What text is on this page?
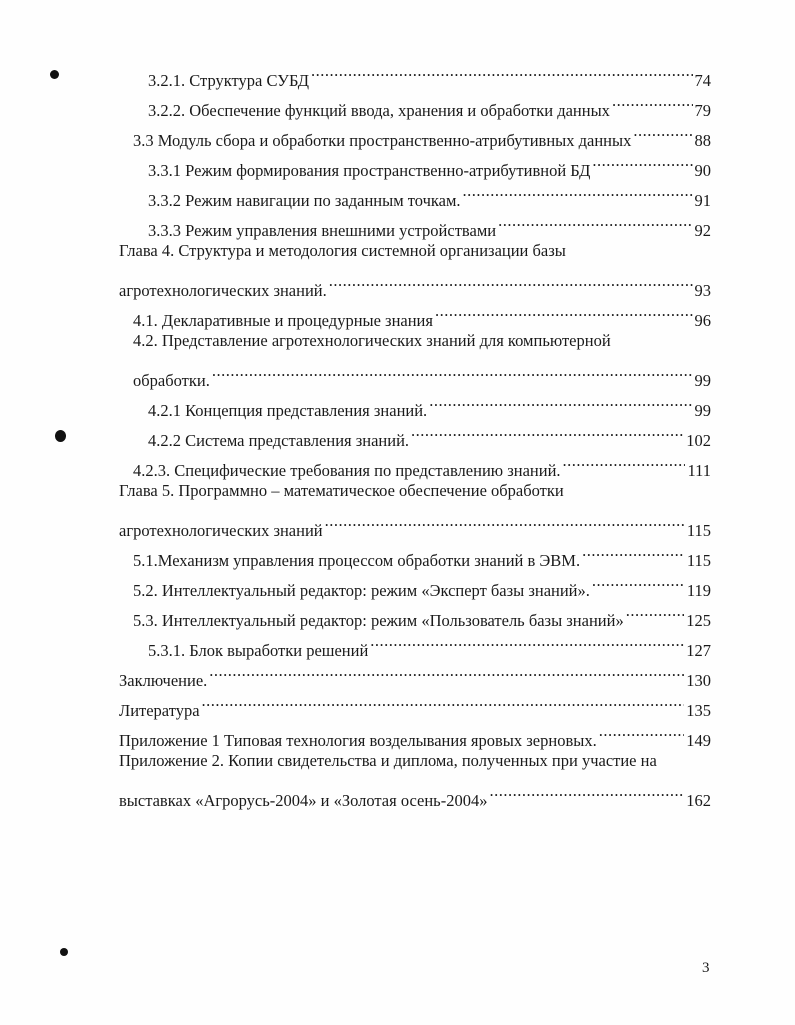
3.2.1. Структура СУБД .....	74
3.2.2. Обеспечение функций ввода, хранения и обработки данных .....	79
3.3 Модуль сбора и обработки пространственно-атрибутивных данных .....	88
3.3.1 Режим формирования пространственно-атрибутивной БД .....	90
3.3.2 Режим навигации по заданным точкам. .....	91
3.3.3 Режим управления внешними устройствами .....	92
Глава 4. Структура и методология системной организации базы
агротехнологических знаний. .....	93
4.1. Декларативные и процедурные знания .....	96
4.2. Представление агротехнологических знаний для компьютерной
обработки. .....	99
4.2.1 Концепция представления знаний. .....	99
4.2.2 Система представления знаний. .....	102
4.2.3. Специфические требования по представлению знаний. .....	111
Глава 5. Программно – математическое обеспечение обработки
агротехнологических знаний .....	115
5.1.Механизм управления процессом обработки знаний в ЭВМ. .....	115
5.2. Интеллектуальный редактор: режим «Эксперт базы знаний». .....	119
5.3. Интеллектуальный редактор: режим «Пользователь базы знаний» .....	125
5.3.1. Блок выработки решений .....	127
Заключение. .....	130
Литература .....	135
Приложение 1 Типовая технология возделывания яровых зерновых. .....	149
Приложение 2. Копии свидетельства и диплома, полученных при участие на
выставках «Агрорусь-2004» и «Золотая осень-2004» .....	162
3
